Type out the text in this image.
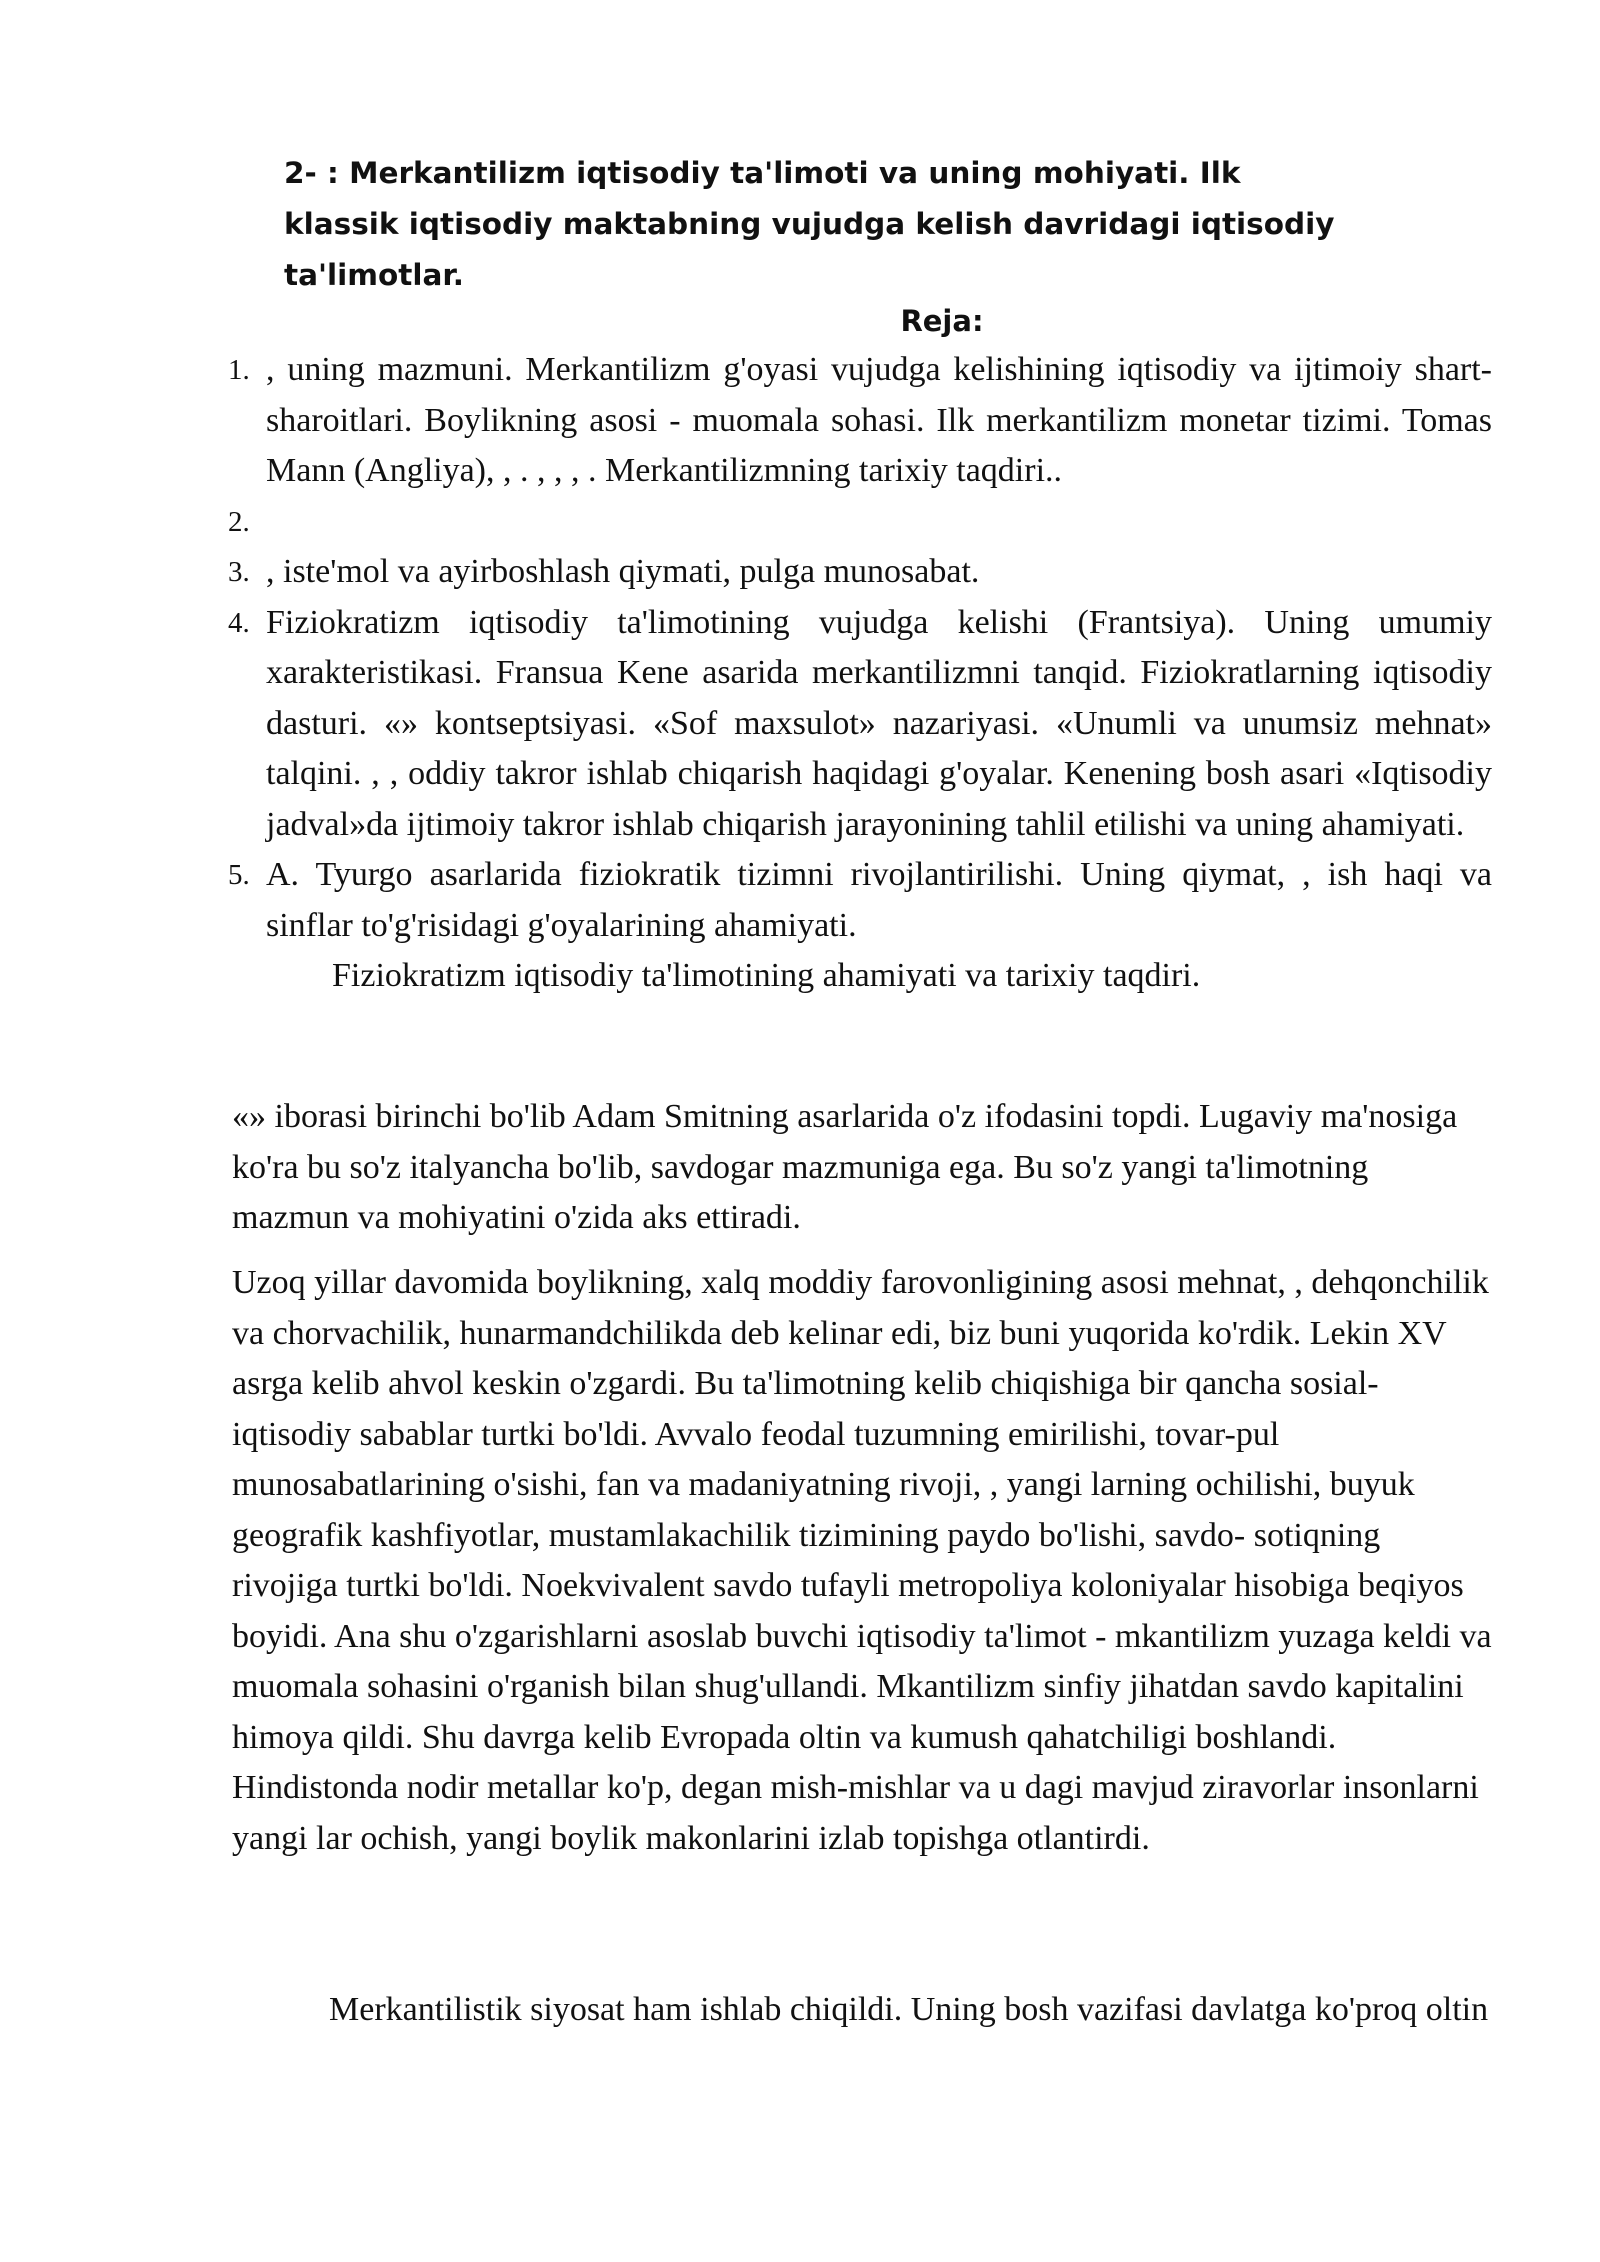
2- : Merkantilizm iqtisodiy ta'limoti va uning mohiyati. Ilk klassik iqtisodiy maktabning vujudga kelish davridagi iqtisodiy ta'limotlar.
Reja:
1. , uning mazmuni. Merkantilizm g'oyasi vujudga kelishining iqtisodiy va ijtimoiy shart-sharoitlari. Boylikning asosi - muomala sohasi. Ilk merkantilizm monetar tizimi. Tomas Mann (Angliya), , . , , , . Merkantilizmning tarixiy taqdiri..
2.
3. , iste'mol va ayirboshlash qiymati, pulga munosabat.
4. Fiziokratizm iqtisodiy ta'limotining vujudga kelishi (Frantsiya). Uning umumiy xarakteristikasi. Fransua Kene asarida merkantilizmni tanqid. Fiziokratlarning iqtisodiy dasturi. «» kontseptsiyasi. «Sof maxsulot» nazariyasi. «Unumli va unumsiz mehnat» talqini. , , oddiy takror ishlab chiqarish haqidagi g'oyalar. Kenening bosh asari «Iqtisodiy jadval»da ijtimoiy takror ishlab chiqarish jarayonining tahlil etilishi va uning ahamiyati.
5. A. Tyurgo asarlarida fiziokratik tizimni rivojlantirilishi. Uning qiymat, , ish haqi va sinflar to'g'risidagi g'oyalarining ahamiyati.
Fiziokratizm iqtisodiy ta'limotining ahamiyati va tarixiy taqdiri.

«» iborasi birinchi bo'lib Adam Smitning asarlarida o'z ifodasini topdi. Lugaviy ma'nosiga ko'ra bu so'z italyancha bo'lib, savdogar mazmuniga ega. Bu so'z yangi ta'limotning mazmun va mohiyatini o'zida aks ettiradi.

Uzoq yillar davomida boylikning, xalq moddiy farovonligining asosi mehnat, , dehqonchilik va chorvachilik, hunarmandchilikda deb kelinar edi, biz buni yuqorida ko'rdik. Lekin XV asrga kelib ahvol keskin o'zgardi. Bu ta'limotning kelib chiqishiga bir qancha sosial-iqtisodiy sabablar turtki bo'ldi. Avvalo feodal tuzumning emirilishi, tovar-pul munosabatlarining o'sishi, fan va madaniyatning rivoji, , yangi larning ochilishi, buyuk geografik kashfiyotlar, mustamlakachilik tizimining paydo bo'lishi, savdo- sotiqning rivojiga turtki bo'ldi. Noekvivalent savdo tufayli metropoliya koloniyalar hisobiga beqiyos boyidi. Ana shu o'zgarishlarni asoslab buvchi iqtisodiy ta'limot - mkantilizm yuzaga keldi va muomala sohasini o'rganish bilan shug'ullandi. Mkantilizm sinfiy jihatdan savdo kapitalini himoya qildi. Shu davrga kelib Evropada oltin va kumush qahatchiligi boshlandi. Hindistonda nodir metallar ko'p, degan mish-mishlar va u dagi mavjud ziravorlar insonlarni yangi lar ochish, yangi boylik makonlarini izlab topishga otlantirdi.

Merkantilistik siyosat ham ishlab chiqildi. Uning bosh vazifasi davlatga ko'proq oltin
